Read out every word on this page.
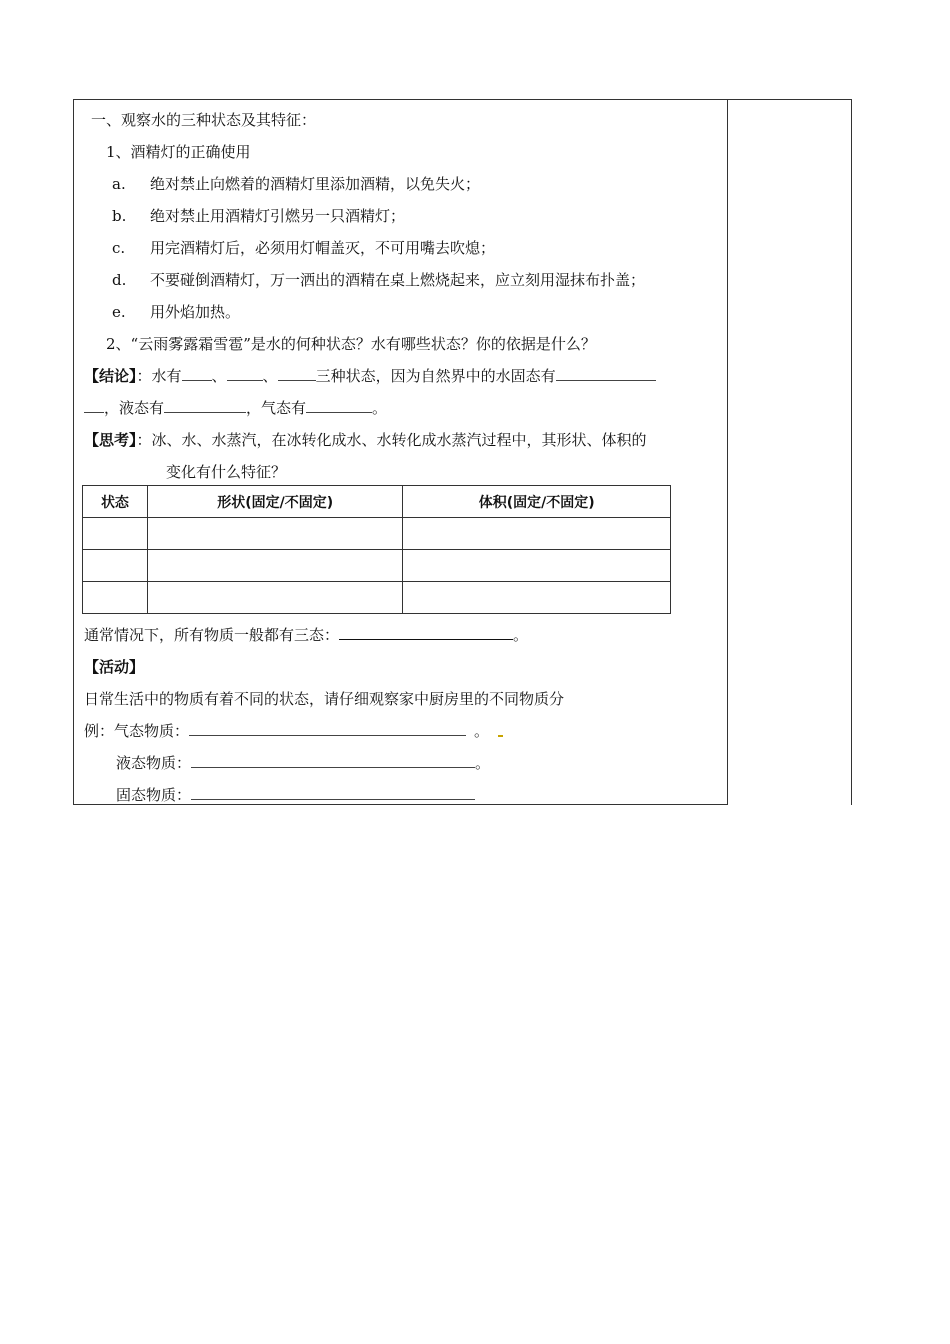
一、观察水的三种状态及其特征：
1、酒精灯的正确使用
a. 绝对禁止向燃着的酒精灯里添加酒精，以免失火；
b. 绝对禁止用酒精灯引燃另一只酒精灯；
c. 用完酒精灯后，必须用灯帽盖灭，不可用嘴去吹熄；
d. 不要碰倒酒精灯，万一洒出的酒精在桌上燃烧起来，应立刻用湿抹布扑盖；
e. 用外焰加热。
2、“云雨雾露霜雪雹”是水的何种状态？水有哪些状态？你的依据是什么？
【结论】：水有 、 、	三种状态，因为自然界中的水固态有
，液态有	，气态有	。
【思考】：冰、水、水蒸汽，在冰转化成水、水转化成水蒸汽过程中，其形状、体积的
变化有什么特征？
状态	形状(固定/不固定)	体积(固定/不固定)

通常情况下，所有物质一般都有三态：	。
【活动】
日常生活中的物质有着不同的状态，请仔细观察家中厨房里的不同物质分
例：气态物质：	。
液态物质：	。
固态物质：
